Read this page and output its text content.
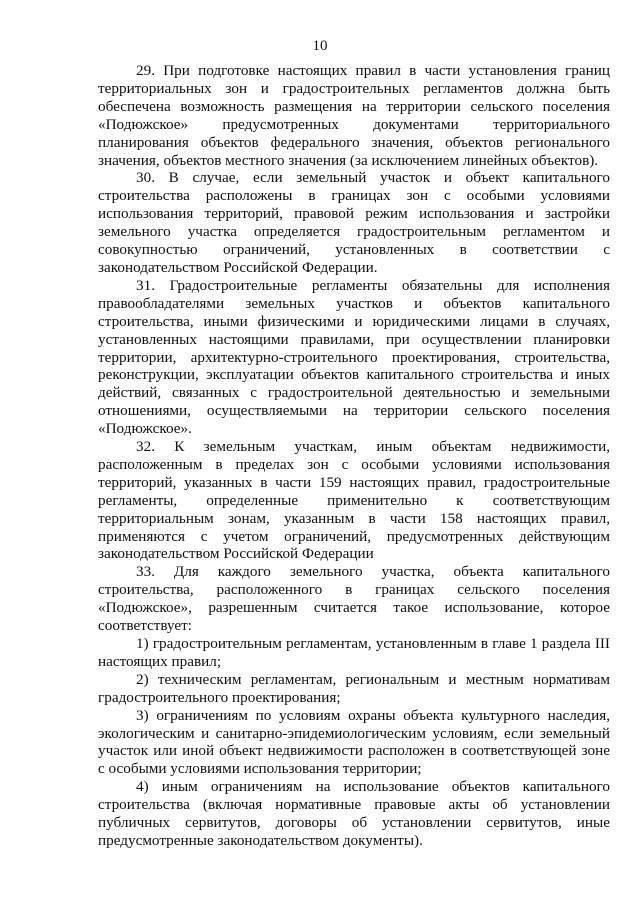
10

29. При подготовке настоящих правил в части установления границ территориальных зон и градостроительных регламентов должна быть обеспечена возможность размещения на территории сельского поселения «Подюжское» предусмотренных документами территориального планирования объектов федерального значения, объектов регионального значения, объектов местного значения (за исключением линейных объектов).

30. В случае, если земельный участок и объект капитального строительства расположены в границах зон с особыми условиями использования территорий, правовой режим использования и застройки земельного участка определяется градостроительным регламентом и совокупностью ограничений, установленных в соответствии с законодательством Российской Федерации.

31. Градостроительные регламенты обязательны для исполнения правообладателями земельных участков и объектов капитального строительства, иными физическими и юридическими лицами в случаях, установленных настоящими правилами, при осуществлении планировки территории, архитектурно-строительного проектирования, строительства, реконструкции, эксплуатации объектов капитального строительства и иных действий, связанных с градостроительной деятельностью и земельными отношениями, осуществляемыми на территории сельского поселения «Подюжское».

32. К земельным участкам, иным объектам недвижимости, расположенным в пределах зон с особыми условиями использования территорий, указанных в части 159 настоящих правил, градостроительные регламенты, определенные применительно к соответствующим территориальным зонам, указанным в части 158 настоящих правил, применяются с учетом ограничений, предусмотренных действующим законодательством Российской Федерации

33. Для каждого земельного участка, объекта капитального строительства, расположенного в границах сельского поселения «Подюжское», разрешенным считается такое использование, которое соответствует:

1) градостроительным регламентам, установленным в главе 1 раздела III настоящих правил;

2) техническим регламентам, региональным и местным нормативам градостроительного проектирования;

3) ограничениям по условиям охраны объекта культурного наследия, экологическим и санитарно-эпидемиологическим условиям, если земельный участок или иной объект недвижимости расположен в соответствующей зоне с особыми условиями использования территории;

4) иным ограничениям на использование объектов капитального строительства (включая нормативные правовые акты об установлении публичных сервитутов, договоры об установлении сервитутов, иные предусмотренные законодательством документы).
